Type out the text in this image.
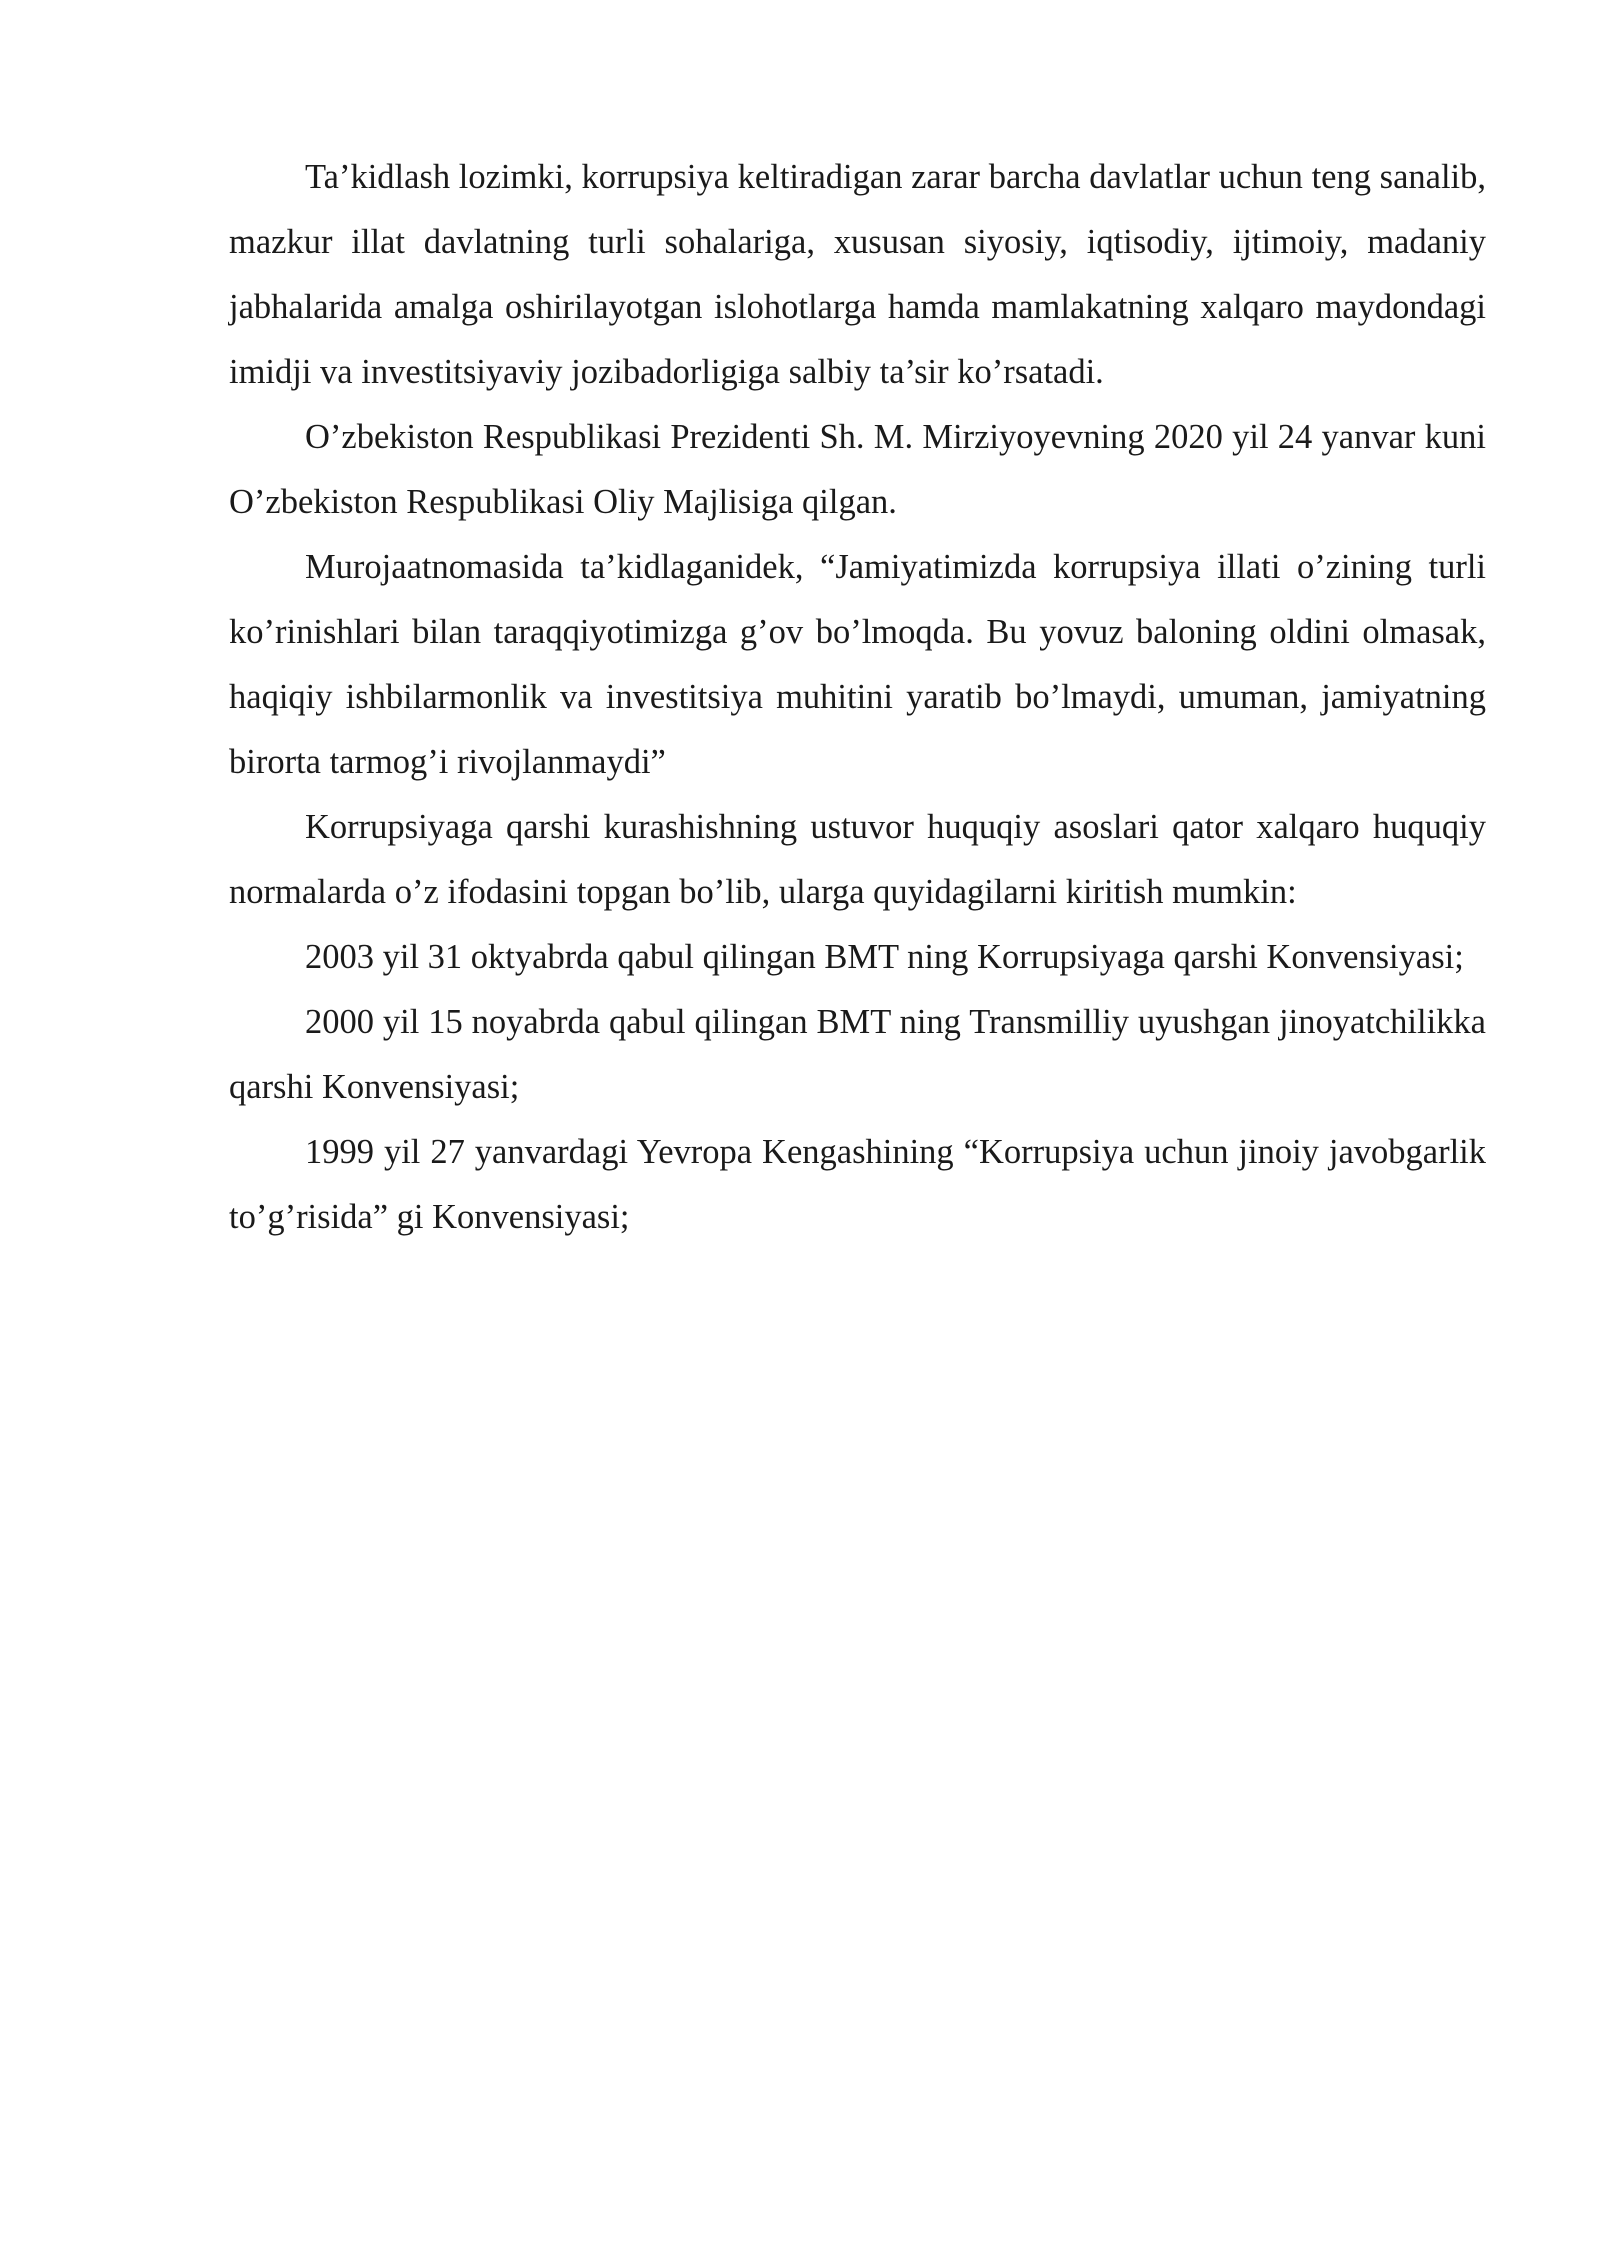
Ta’kidlash lozimki, korrupsiya keltiradigan zarar barcha davlatlar uchun teng sanalib, mazkur illat davlatning turli sohalariga, xususan siyosiy, iqtisodiy, ijtimoiy, madaniy jabhalarida amalga oshirilayotgan islohotlarga hamda mamlakatning xalqaro maydondagi imidji va investitsiyaviy jozibadorligiga salbiy ta’sir ko’rsatadi.

O’zbekiston Respublikasi Prezidenti Sh. M. Mirziyoyevning 2020 yil 24 yanvar kuni O’zbekiston Respublikasi Oliy Majlisiga qilgan.

Murojaatnomasida ta’kidlaganidek, “Jamiyatimizda korrupsiya illati o’zining turli ko’rinishlari bilan taraqqiyotimizga g’ov bo’lmoqda. Bu yovuz baloning oldini olmasak, haqiqiy ishbilarmonlik va investitsiya muhitini yaratib bo’lmaydi, umuman, jamiyatning birorta tarmog’i rivojlanmaydi”

Korrupsiyaga qarshi kurashishning ustuvor huquqiy asoslari qator xalqaro huquqiy normalarda o’z ifodasini topgan bo’lib, ularga quyidagilarni kiritish mumkin:

2003 yil 31 oktyabrda qabul qilingan BMT ning Korrupsiyaga qarshi Konvensiyasi;

2000 yil 15 noyabrda qabul qilingan BMT ning Transmilliy uyushgan jinoyatchilikka qarshi Konvensiyasi;

1999 yil 27 yanvardagi Yevropa Kengashining “Korrupsiya uchun jinoiy javobgarlik to’g’risida” gi Konvensiyasi;
